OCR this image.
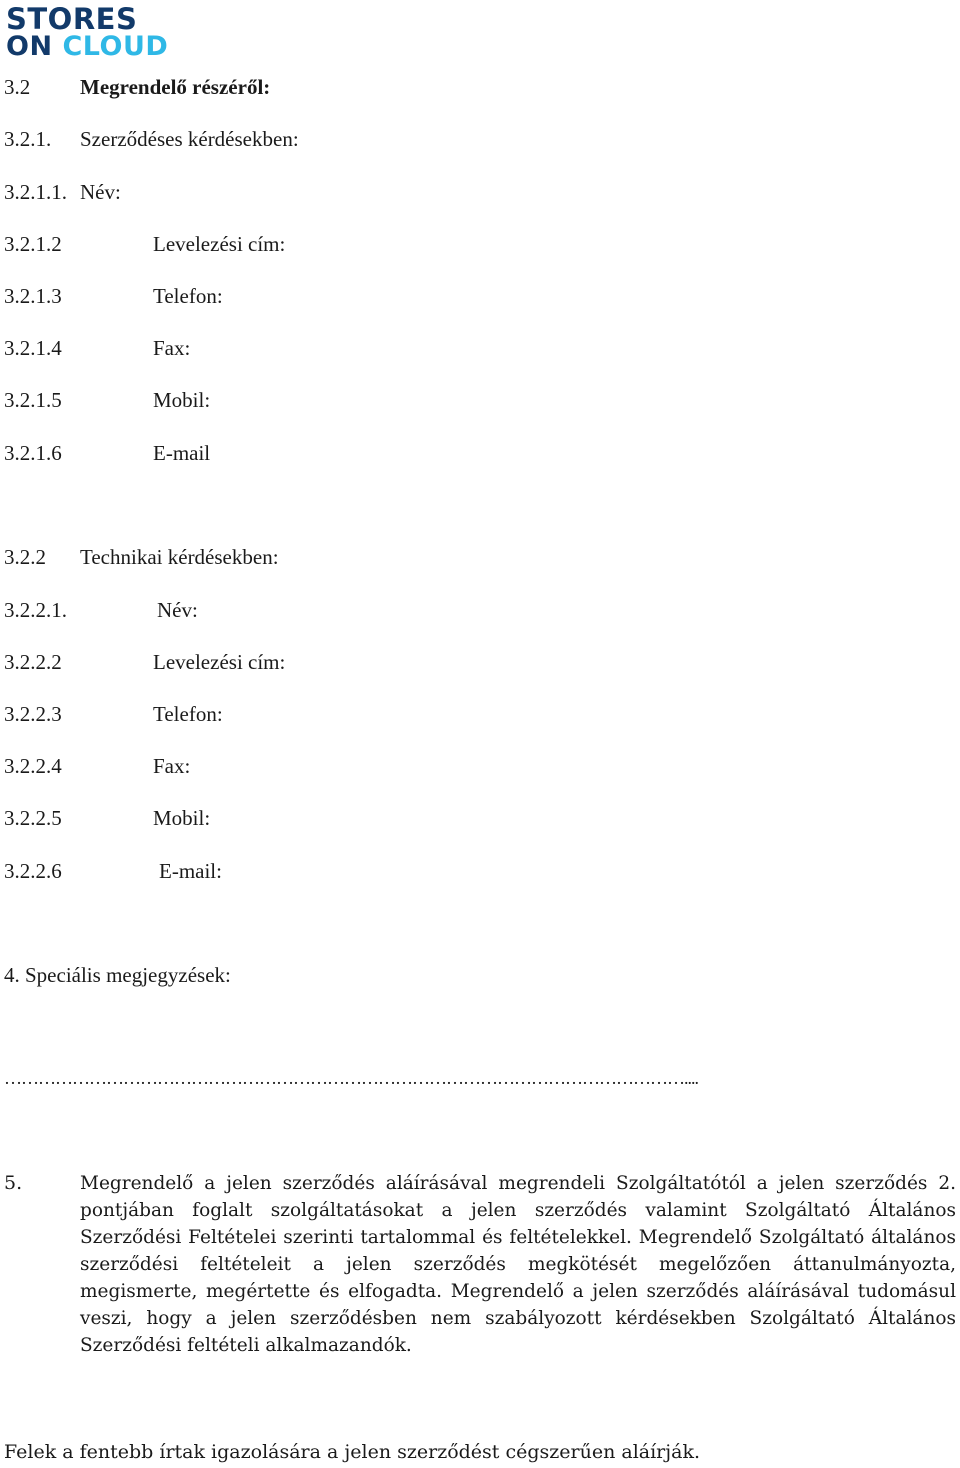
STORES
ON CLOUD
3.2 Megrendelő részéről:
3.2.1. Szerződéses kérdésekben:
3.2.1.1. Név:
3.2.1.2	Levelezési cím:
3.2.1.3	Telefon:
3.2.1.4	Fax:
3.2.1.5	Mobil:
3.2.1.6	E-mail
3.2.2 Technikai kérdésekben:
3.2.2.1.	Név:
3.2.2.2	Levelezési cím:
3.2.2.3	Telefon:
3.2.2.4	Fax:
3.2.2.5	Mobil:
3.2.2.6	E-mail:
4. Speciális megjegyzések:
…………………………………………………………………………………………………………....
5.	Megrendelő a jelen szerződés aláírásával megrendeli Szolgáltatótól a jelen szerződés 2. pontjában foglalt szolgáltatásokat a jelen szerződés valamint Szolgáltató Általános Szerződési Feltételei szerinti tartalommal és feltételekkel. Megrendelő Szolgáltató általános szerződési feltételeit a jelen szerződés megkötését megelőzően áttanulmányozta, megismerte, megértette és elfogadta. Megrendelő a jelen szerződés aláírásával tudomásul veszi, hogy a jelen szerződésben nem szabályozott kérdésekben Szolgáltató Általános Szerződési feltételi alkalmazandók.
Felek a fentebb írtak igazolására a jelen szerződést cégszerűen aláírják.
